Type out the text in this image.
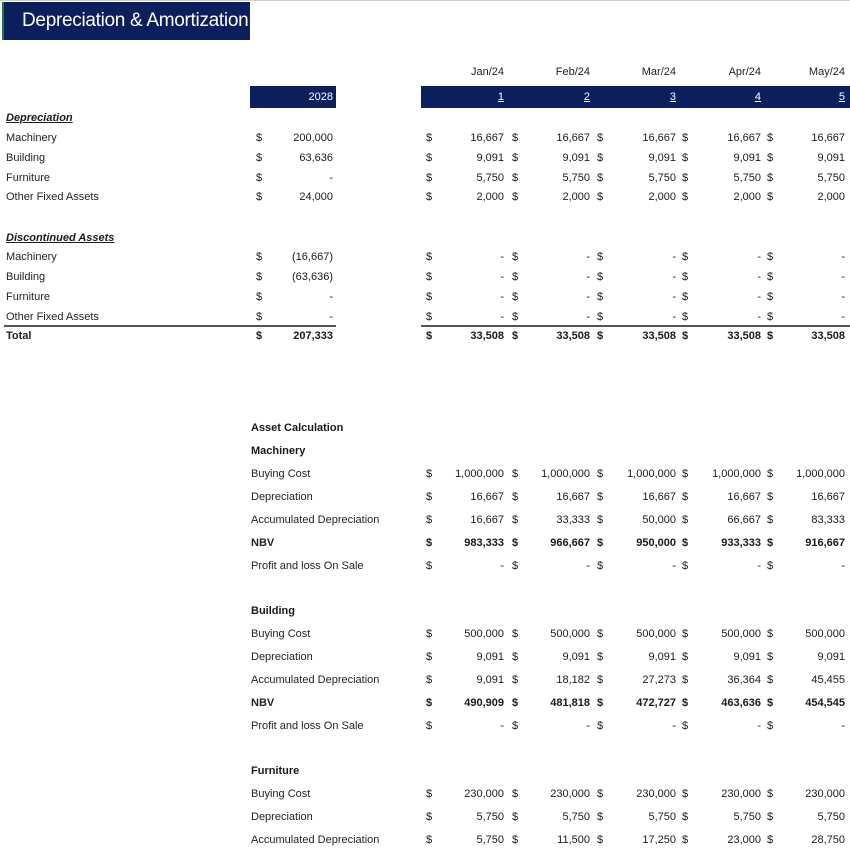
Depreciation & Amortization
Jan/24	Feb/24	Mar/24	Apr/24	May/24
2028	1	2	3	4	5
Depreciation
Machinery	$	200,000	$	16,667 $	16,667 $	16,667 $	16,667 $	16,667
Building	$	63,636	$	9,091 $	9,091 $	9,091 $	9,091 $	9,091
Furniture	$	-	$	5,750 $	5,750 $	5,750 $	5,750 $	5,750
Other Fixed Assets	$	24,000	$	2,000 $	2,000 $	2,000 $	2,000 $	2,000
Discontinued Assets
Machinery	$	(16,667)	$	- $	- $	- $	- $	-
Building	$	(63,636)	$	- $	- $	- $	- $	-
Furniture	$	-	$	- $	- $	- $	- $	-
Other Fixed Assets	$	-	$	- $	- $	- $	- $	-
Total	$	207,333	$	33,508 $	33,508 $	33,508 $	33,508 $	33,508
Asset Calculation
Machinery
Buying Cost	$	1,000,000 $	1,000,000 $	1,000,000 $	1,000,000 $	1,000,000
Depreciation	$	16,667 $	16,667 $	16,667 $	16,667 $	16,667
Accumulated Depreciation	$	16,667 $	33,333 $	50,000 $	66,667 $	83,333
NBV	$	983,333 $	966,667 $	950,000 $	933,333 $	916,667
Profit and loss On Sale	$	- $	- $	- $	- $	-
Building
Buying Cost	$	500,000 $	500,000 $	500,000 $	500,000 $	500,000
Depreciation	$	9,091 $	9,091 $	9,091 $	9,091 $	9,091
Accumulated Depreciation	$	9,091 $	18,182 $	27,273 $	36,364 $	45,455
NBV	$	490,909 $	481,818 $	472,727 $	463,636 $	454,545
Profit and loss On Sale	$	- $	- $	- $	- $	-
Furniture
Buying Cost	$	230,000 $	230,000 $	230,000 $	230,000 $	230,000
Depreciation	$	5,750 $	5,750 $	5,750 $	5,750 $	5,750
Accumulated Depreciation	$	5,750 $	11,500 $	17,250 $	23,000 $	28,750
